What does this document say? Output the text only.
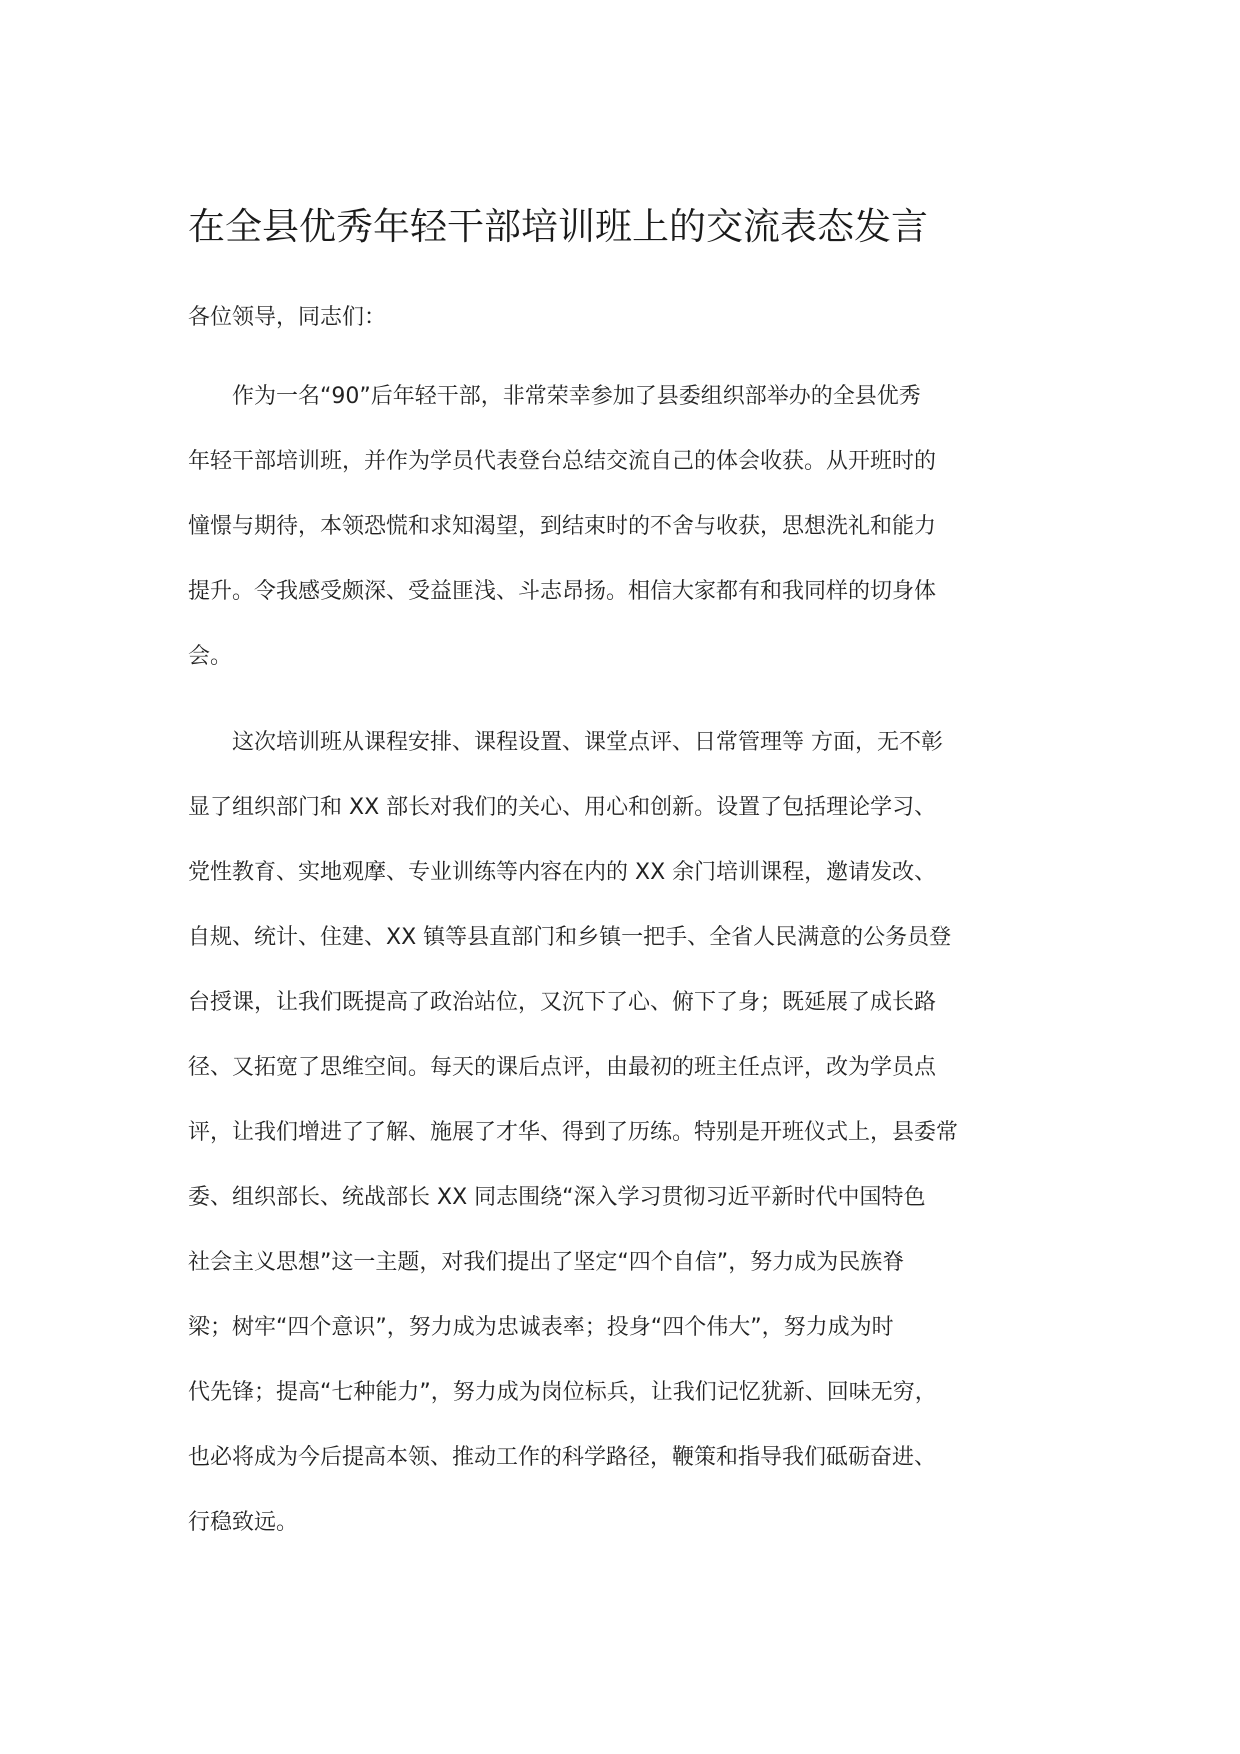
在全县优秀年轻干部培训班上的交流表态发言

各位领导，同志们：

　　作为一名“90”后年轻干部，非常荣幸参加了县委组织部举办的全县优秀
年轻干部培训班，并作为学员代表登台总结交流自己的体会收获。从开班时的
憧憬与期待，本领恐慌和求知渴望，到结束时的不舍与收获，思想洗礼和能力
提升。令我感受颇深、受益匪浅、斗志昂扬。相信大家都有和我同样的切身体
会。
　　这次培训班从课程安排、课程设置、课堂点评、日常管理等 方面，无不彰
显了组织部门和 XX 部长对我们的关心、用心和创新。设置了包括理论学习、
党性教育、实地观摩、专业训练等内容在内的 XX 余门培训课程，邀请发改、
自规、统计、住建、XX 镇等县直部门和乡镇一把手、全省人民满意的公务员登
台授课，让我们既提高了政治站位，又沉下了心、俯下了身；既延展了成长路
径、又拓宽了思维空间。每天的课后点评，由最初的班主任点评，改为学员点
评，让我们增进了了解、施展了才华、得到了历练。特别是开班仪式上，县委常
委、组织部长、统战部长 XX 同志围绕“深入学习贯彻习近平新时代中国特色
社会主义思想”这一主题，对我们提出了坚定“四个自信”，努力成为民族脊
梁；树牢“四个意识”，努力成为忠诚表率；投身“四个伟大”，努力成为时
代先锋；提高“七种能力”，努力成为岗位标兵，让我们记忆犹新、回味无穷，
也必将成为今后提高本领、推动工作的科学路径，鞭策和指导我们砥砺奋进、
行稳致远。
